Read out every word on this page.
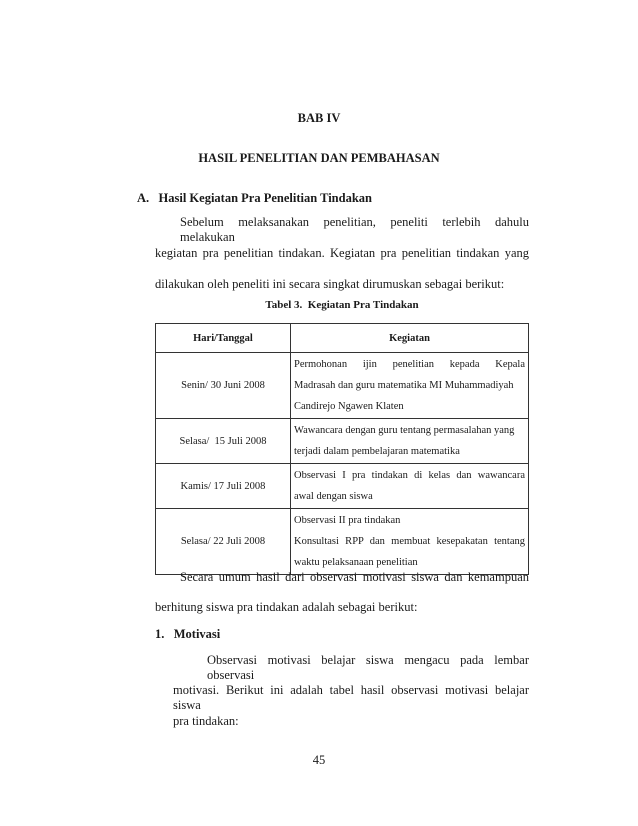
BAB IV
HASIL PENELITIAN DAN PEMBAHASAN
A.   Hasil Kegiatan Pra Penelitian Tindakan
Sebelum melaksanakan penelitian, peneliti terlebih dahulu melakukan
kegiatan pra penelitian tindakan. Kegiatan pra penelitian tindakan yang
dilakukan oleh peneliti ini secara singkat dirumuskan sebagai berikut:
Tabel 3.  Kegiatan Pra Tindakan
Hari/Tanggal	Kegiatan
Senin/ 30 Juni 2008	Permohonan ijin penelitian kepada Kepala
Madrasah dan guru matematika MI Muhammadiyah
Candirejo Ngawen Klaten

Selasa/  15 Juli 2008	Wawancara dengan guru tentang permasalahan yang
terjadi dalam pembelajaran matematika

Kamis/ 17 Juli 2008	Observasi I pra tindakan di kelas dan wawancara
awal dengan siswa

Selasa/ 22 Juli 2008	Observasi II pra tindakan
Konsultasi RPP dan membuat kesepakatan tentang
waktu pelaksanaan penelitian
Secara umum hasil dari observasi motivasi siswa dan kemampuan
berhitung siswa pra tindakan adalah sebagai berikut:
1.   Motivasi
Observasi motivasi belajar siswa mengacu pada lembar observasi
motivasi. Berikut ini adalah tabel hasil observasi motivasi belajar siswa
pra tindakan:
45
